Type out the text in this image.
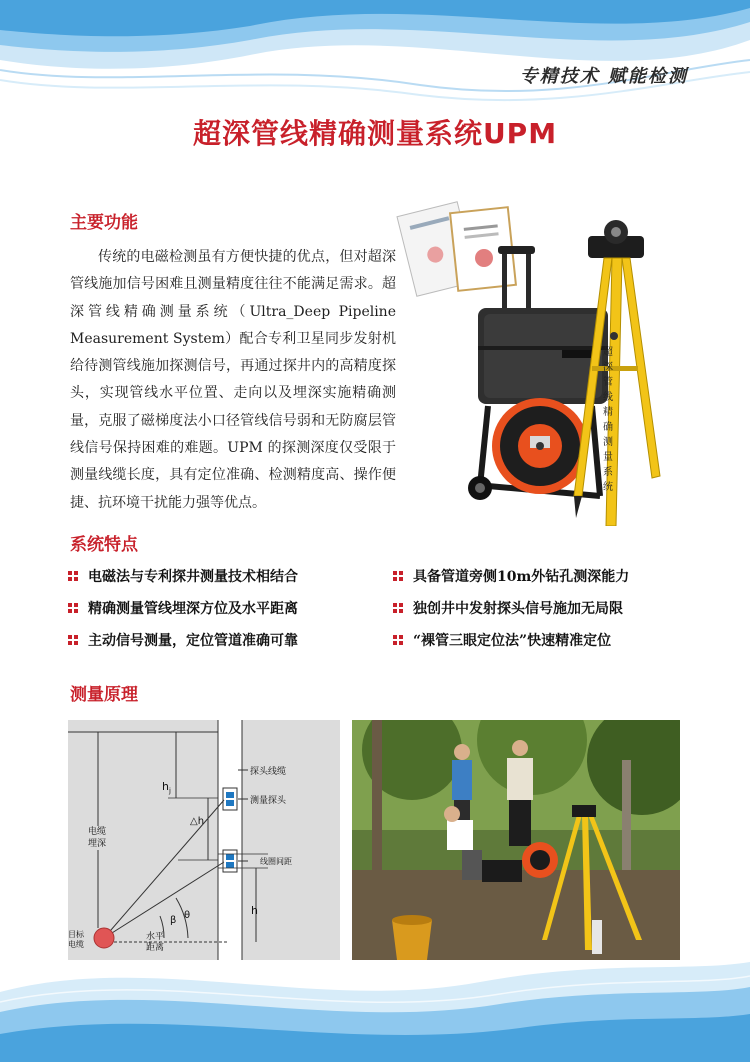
专精技术 赋能检测
超深管线精确测量系统UPM
主要功能

传统的电磁检测虽有方便快捷的优点，但对超深管线施加信号困难且测量精度往往不能满足需求。超深管线精确测量系统（Ultra_Deep Pipeline Measurement System）配合专利卫星同步发射机给待测管线施加探测信号，再通过探井内的高精度探头，实现管线水平位置、走向以及埋深实施精确测量，克服了磁梯度法小口径管线信号弱和无防腐层管线信号保持困难的难题。UPM 的探测深度仅受限于测量线缆长度，具有定位准确、检测精度高、操作便捷、抗环境干扰能力强等优点。

超深管线精确测量系统
系统特点
电磁法与专利探井测量技术相结合
精确测量管线埋深方位及水平距离
主动信号测量，定位管道准确可靠
具备管道旁侧10m外钻孔测深能力
独创井中发射探头信号施加无局限
“裸管三眼定位法”快速精准定位
测量原理
探头线缆
测量探头
线圈间距
电缆
埋深
目标
电缆
水平
距离
$h_j$
△h
h
β θ
